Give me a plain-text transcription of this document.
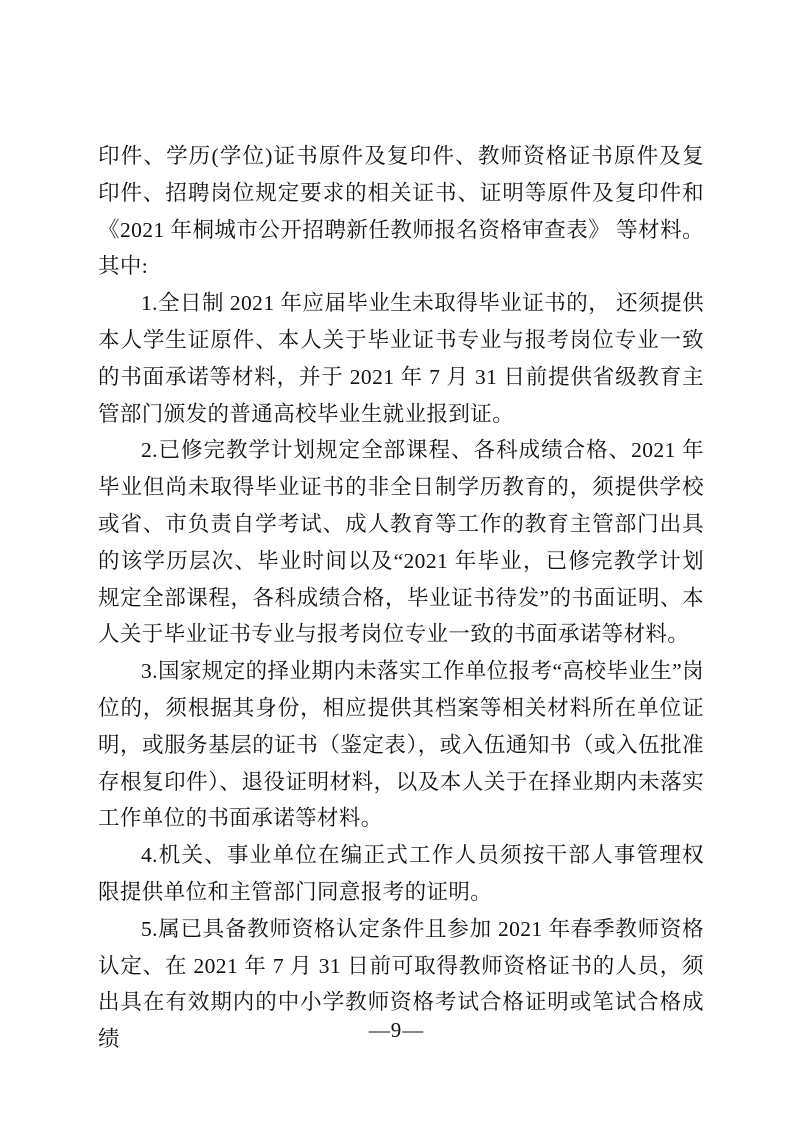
印件、学历(学位)证书原件及复印件、教师资格证书原件及复印件、招聘岗位规定要求的相关证书、证明等原件及复印件和《2021 年桐城市公开招聘新任教师报名资格审查表》 等材料。其中:

1.全日制 2021 年应届毕业生未取得毕业证书的， 还须提供本人学生证原件、本人关于毕业证书专业与报考岗位专业一致的书面承诺等材料，并于 2021 年 7 月 31 日前提供省级教育主管部门颁发的普通高校毕业生就业报到证。

2.已修完教学计划规定全部课程、各科成绩合格、2021 年毕业但尚未取得毕业证书的非全日制学历教育的，须提供学校或省、市负责自学考试、成人教育等工作的教育主管部门出具的该学历层次、毕业时间以及“2021 年毕业，已修完教学计划规定全部课程，各科成绩合格，毕业证书待发”的书面证明、本人关于毕业证书专业与报考岗位专业一致的书面承诺等材料。

3.国家规定的择业期内未落实工作单位报考“高校毕业生”岗位的，须根据其身份，相应提供其档案等相关材料所在单位证明，或服务基层的证书（鉴定表），或入伍通知书（或入伍批准存根复印件）、退役证明材料，以及本人关于在择业期内未落实工作单位的书面承诺等材料。

4.机关、事业单位在编正式工作人员须按干部人事管理权限提供单位和主管部门同意报考的证明。

5.属已具备教师资格认定条件且参加 2021 年春季教师资格认定、在 2021 年 7 月 31 日前可取得教师资格证书的人员，须出具在有效期内的中小学教师资格考试合格证明或笔试合格成绩	—9—
